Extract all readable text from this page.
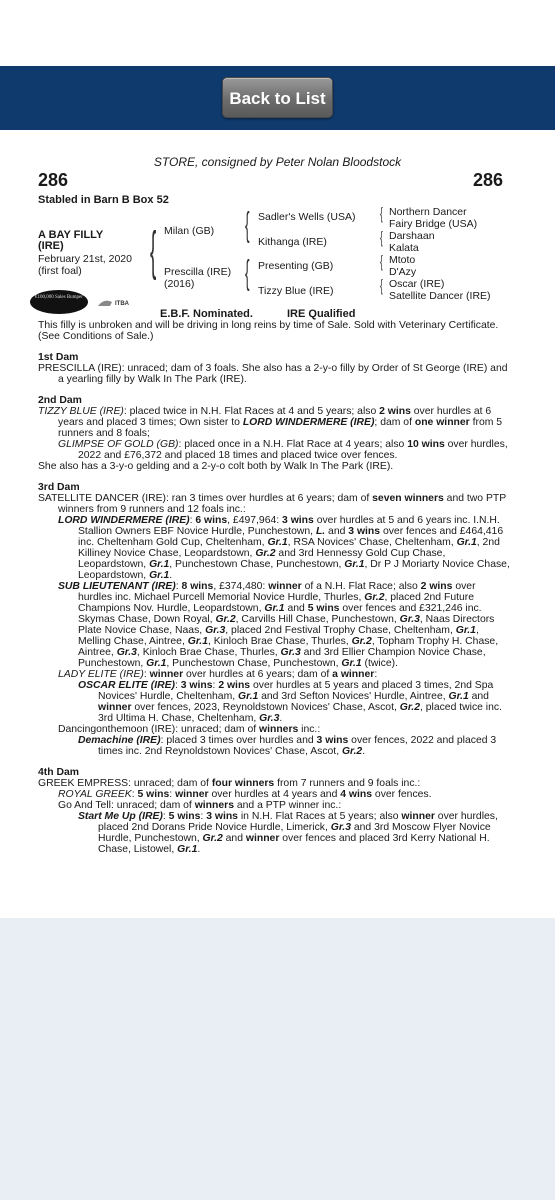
Back to List
STORE, consigned by Peter Nolan Bloodstock
286	286
Stabled in Barn B Box 52
A BAY FILLY
(IRE)
February 21st, 2020
(first foal)	{ Milan (GB)
Prescilla (IRE)
(2016)
{ Sadler's Wells (USA)
Kithanga (IRE)
{ Presenting (GB)
Tizzy Blue (IRE)
{ Northern Dancer
Fairy Bridge (USA)
{ Darshaan
Kalata
{ Mtoto
D'Azy
{ Oscar (IRE)
Satellite Dancer (IRE)
€100,000 Sales Bumper
ITBA
E.B.F. Nominated.	IRE Qualified

This filly is unbroken and will be driving in long reins by time of Sale. Sold with Veterinary Certificate. (See Conditions of Sale.)

1st Dam

PRESCILLA (IRE): unraced; dam of 3 foals. She also has a 2-y-o filly by Order of St George (IRE) and a yearling filly by Walk In The Park (IRE).

2nd Dam

TIZZY BLUE (IRE): placed twice in N.H. Flat Races at 4 and 5 years; also 2 wins over hurdles at 6 years and placed 3 times; Own sister to LORD WINDERMERE (IRE); dam of one winner from 5 runners and 8 foals;

GLIMPSE OF GOLD (GB): placed once in a N.H. Flat Race at 4 years; also 10 wins over hurdles, 2022 and £76,372 and placed 18 times and placed twice over fences.

She also has a 3-y-o gelding and a 2-y-o colt both by Walk In The Park (IRE).

3rd Dam

SATELLITE DANCER (IRE): ran 3 times over hurdles at 6 years; dam of seven winners and two PTP winners from 9 runners and 12 foals inc.:

LORD WINDERMERE (IRE): 6 wins, £497,964: 3 wins over hurdles at 5 and 6 years inc. I.N.H. Stallion Owners EBF Novice Hurdle, Punchestown, L. and 3 wins over fences and £464,416 inc. Cheltenham Gold Cup, Cheltenham, Gr.1, RSA Novices' Chase, Cheltenham, Gr.1, 2nd Killiney Novice Chase, Leopardstown, Gr.2 and 3rd Hennessy Gold Cup Chase, Leopardstown, Gr.1, Punchestown Chase, Punchestown, Gr.1, Dr P J Moriarty Novice Chase, Leopardstown, Gr.1.

SUB LIEUTENANT (IRE): 8 wins, £374,480: winner of a N.H. Flat Race; also 2 wins over hurdles inc. Michael Purcell Memorial Novice Hurdle, Thurles, Gr.2, placed 2nd Future Champions Nov. Hurdle, Leopardstown, Gr.1 and 5 wins over fences and £321,246 inc. Skymas Chase, Down Royal, Gr.2, Carvills Hill Chase, Punchestown, Gr.3, Naas Directors Plate Novice Chase, Naas, Gr.3, placed 2nd Festival Trophy Chase, Cheltenham, Gr.1, Melling Chase, Aintree, Gr.1, Kinloch Brae Chase, Thurles, Gr.2, Topham Trophy H. Chase, Aintree, Gr.3, Kinloch Brae Chase, Thurles, Gr.3 and 3rd Ellier Champion Novice Chase, Punchestown, Gr.1, Punchestown Chase, Punchestown, Gr.1 (twice).

LADY ELITE (IRE): winner over hurdles at 6 years; dam of a winner:

OSCAR ELITE (IRE): 3 wins: 2 wins over hurdles at 5 years and placed 3 times, 2nd Spa Novices' Hurdle, Cheltenham, Gr.1 and 3rd Sefton Novices' Hurdle, Aintree, Gr.1 and winner over fences, 2023, Reynoldstown Novices' Chase, Ascot, Gr.2, placed twice inc. 3rd Ultima H. Chase, Cheltenham, Gr.3.

Dancingonthemoon (IRE): unraced; dam of winners inc.:

Demachine (IRE): placed 3 times over hurdles and 3 wins over fences, 2022 and placed 3 times inc. 2nd Reynoldstown Novices' Chase, Ascot, Gr.2.

4th Dam

GREEK EMPRESS: unraced; dam of four winners from 7 runners and 9 foals inc.:

ROYAL GREEK: 5 wins: winner over hurdles at 4 years and 4 wins over fences.

Go And Tell: unraced; dam of winners and a PTP winner inc.:

Start Me Up (IRE): 5 wins: 3 wins in N.H. Flat Races at 5 years; also winner over hurdles, placed 2nd Dorans Pride Novice Hurdle, Limerick, Gr.3 and 3rd Moscow Flyer Novice Hurdle, Punchestown, Gr.2 and winner over fences and placed 3rd Kerry National H. Chase, Listowel, Gr.1.
